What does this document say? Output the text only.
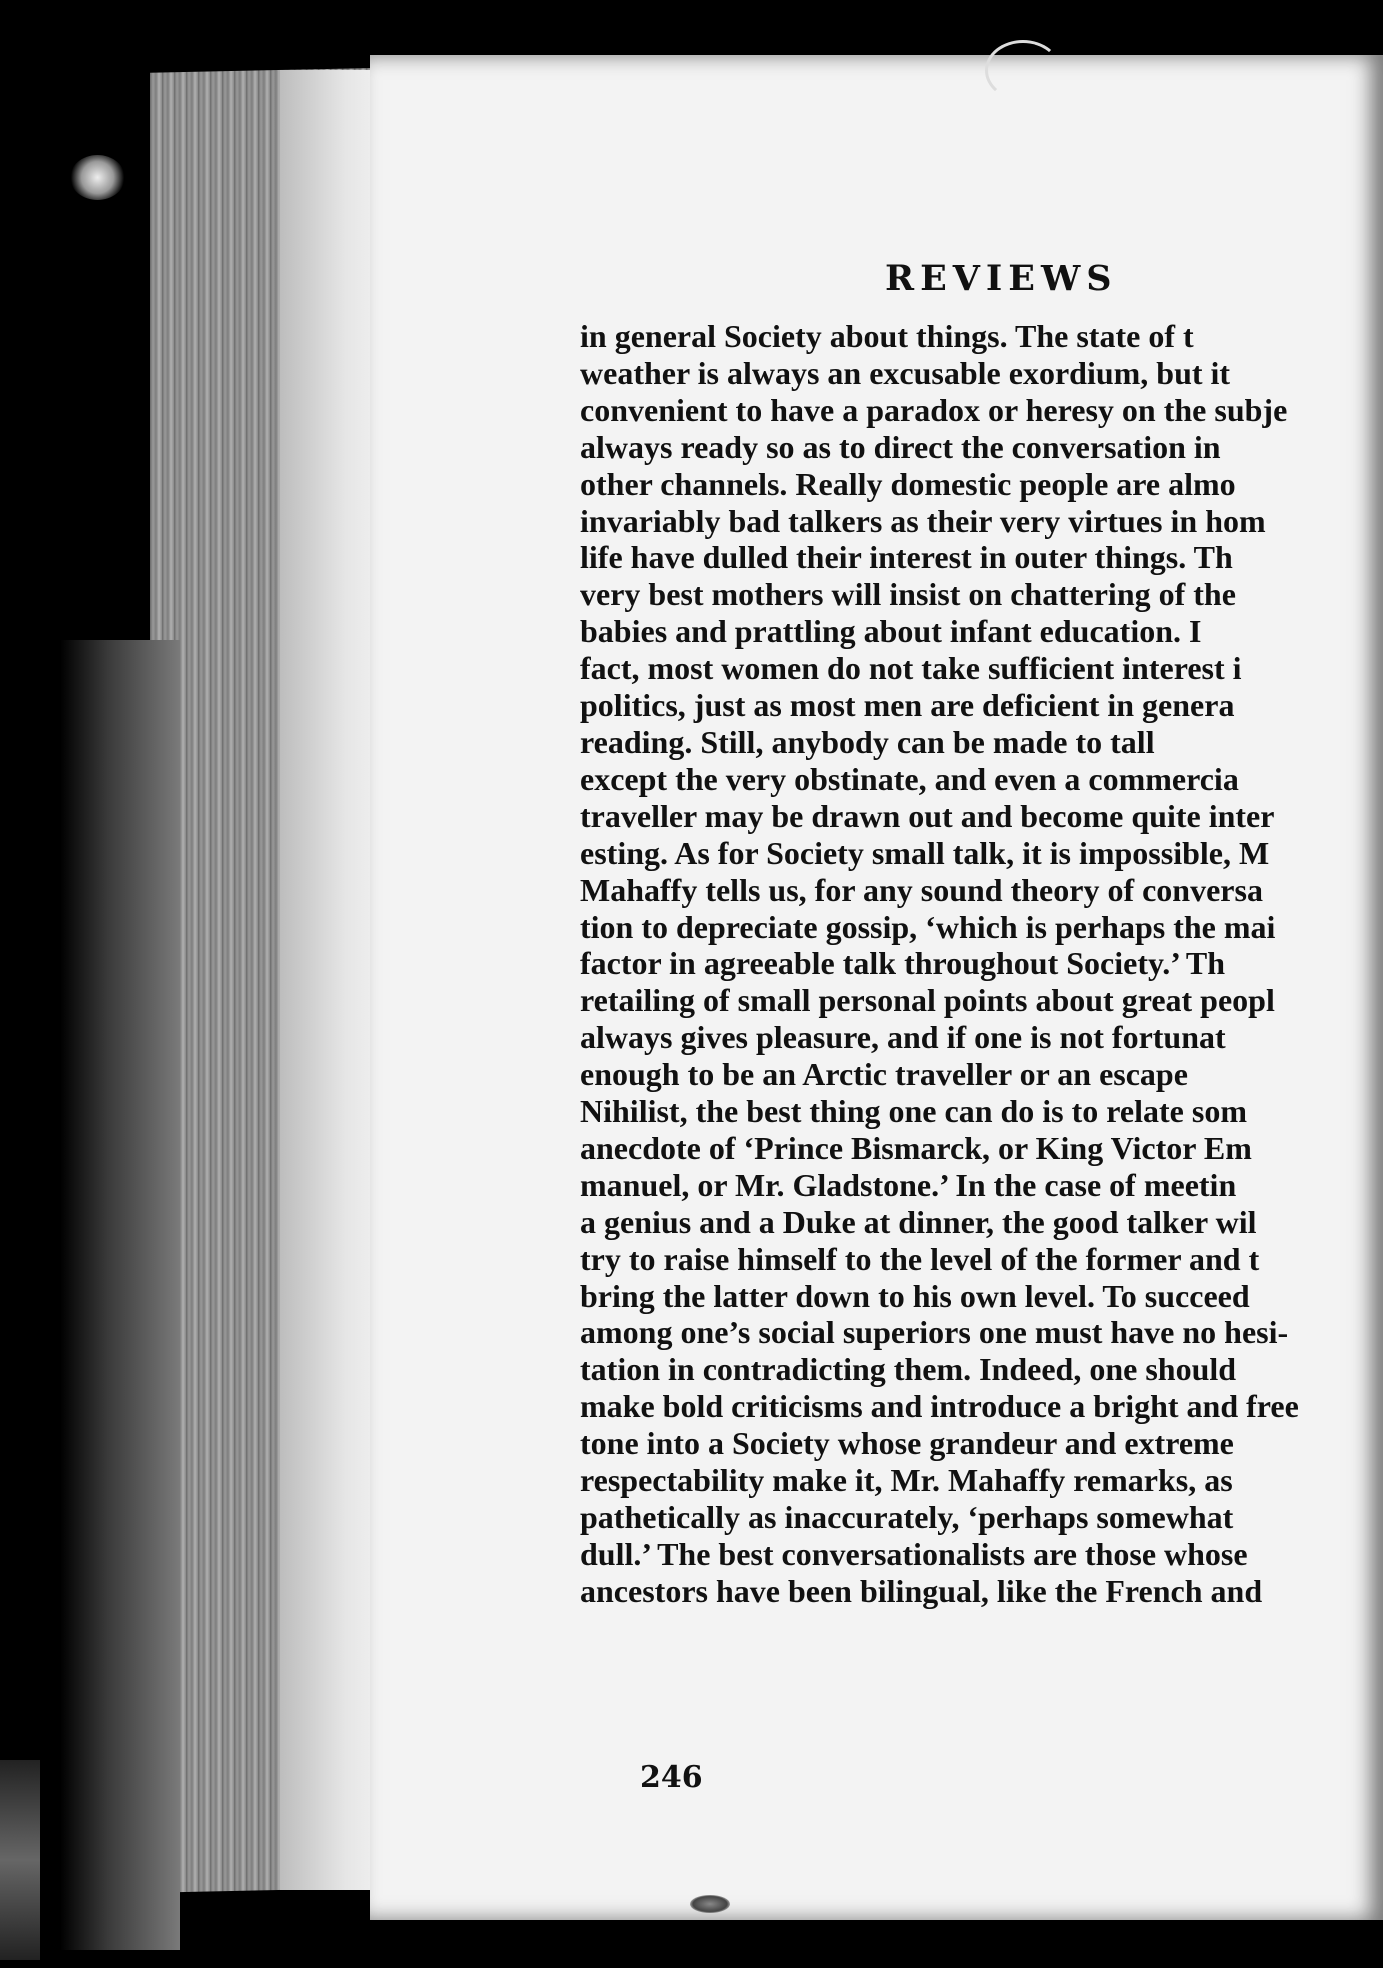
REVIEWS
in general Society about things. The state of t
weather is always an excusable exordium, but it
convenient to have a paradox or heresy on the subje
always ready so as to direct the conversation in
other channels. Really domestic people are almo
invariably bad talkers as their very virtues in hom
life have dulled their interest in outer things. Th
very best mothers will insist on chattering of the
babies and prattling about infant education. I
fact, most women do not take sufficient interest i
politics, just as most men are deficient in genera
reading. Still, anybody can be made to tall
except the very obstinate, and even a commercia
traveller may be drawn out and become quite inter
esting. As for Society small talk, it is impossible, M
Mahaffy tells us, for any sound theory of conversa
tion to depreciate gossip, ‘which is perhaps the mai
factor in agreeable talk throughout Society.’ Th
retailing of small personal points about great peopl
always gives pleasure, and if one is not fortunat
enough to be an Arctic traveller or an escape
Nihilist, the best thing one can do is to relate som
anecdote of ‘Prince Bismarck, or King Victor Em
manuel, or Mr. Gladstone.’ In the case of meetin
a genius and a Duke at dinner, the good talker wil
try to raise himself to the level of the former and t
bring the latter down to his own level. To succeed
among one’s social superiors one must have no hesi-
tation in contradicting them. Indeed, one should
make bold criticisms and introduce a bright and free
tone into a Society whose grandeur and extreme
respectability make it, Mr. Mahaffy remarks, as
pathetically as inaccurately, ‘perhaps somewhat
dull.’ The best conversationalists are those whose
ancestors have been bilingual, like the French and
246
